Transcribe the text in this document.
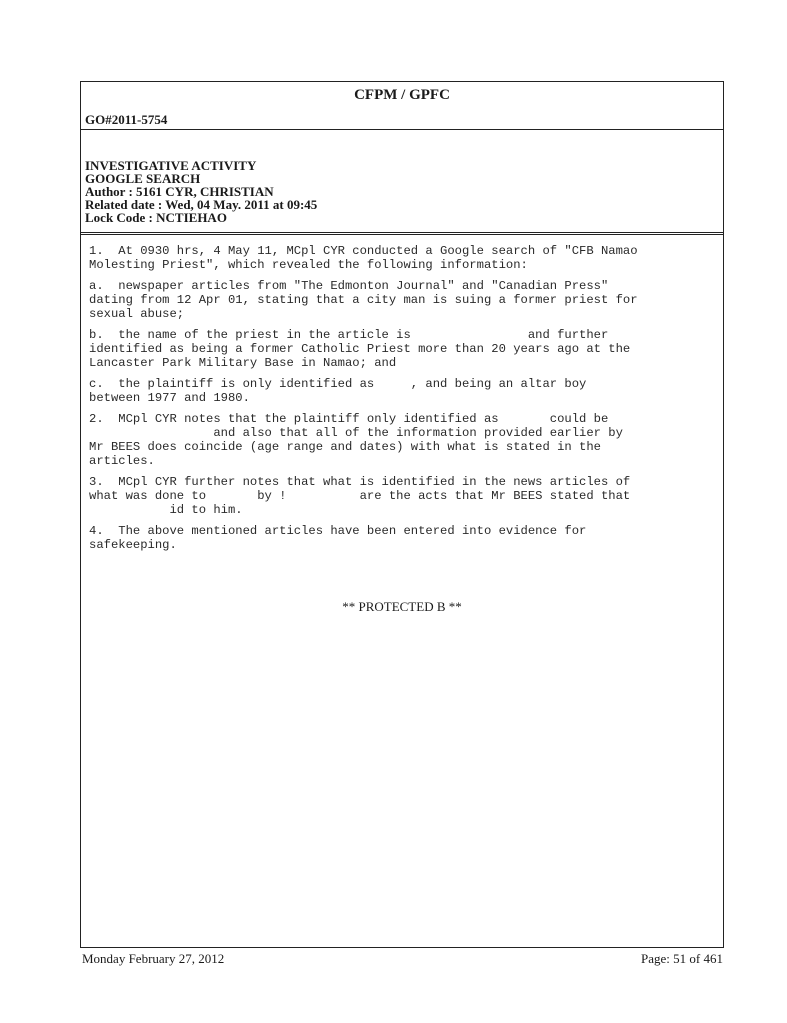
CFPM / GPFC
GO#2011-5754
INVESTIGATIVE ACTIVITY
GOOGLE SEARCH
Author : 5161 CYR, CHRISTIAN
Related date : Wed, 04 May. 2011 at 09:45
Lock Code : NCTIEHAO

1.  At 0930 hrs, 4 May 11, MCpl CYR conducted a Google search of "CFB Namao
Molesting Priest", which revealed the following information:

a.  newspaper articles from "The Edmonton Journal" and "Canadian Press"
dating from 12 Apr 01, stating that a city man is suing a former priest for
sexual abuse;

b.  the name of the priest in the article is                and further
identified as being a former Catholic Priest more than 20 years ago at the
Lancaster Park Military Base in Namao; and

c.  the plaintiff is only identified as     , and being an altar boy
between 1977 and 1980.

2.  MCpl CYR notes that the plaintiff only identified as       could be
and also that all of the information provided earlier by
Mr BEES does coincide (age range and dates) with what is stated in the
articles.

3.  MCpl CYR further notes that what is identified in the news articles of
what was done to       by !          are the acts that Mr BEES stated that
id to him.

4.  The above mentioned articles have been entered into evidence for
safekeeping.

** PROTECTED B **
Monday February 27, 2012	Page: 51 of 461
